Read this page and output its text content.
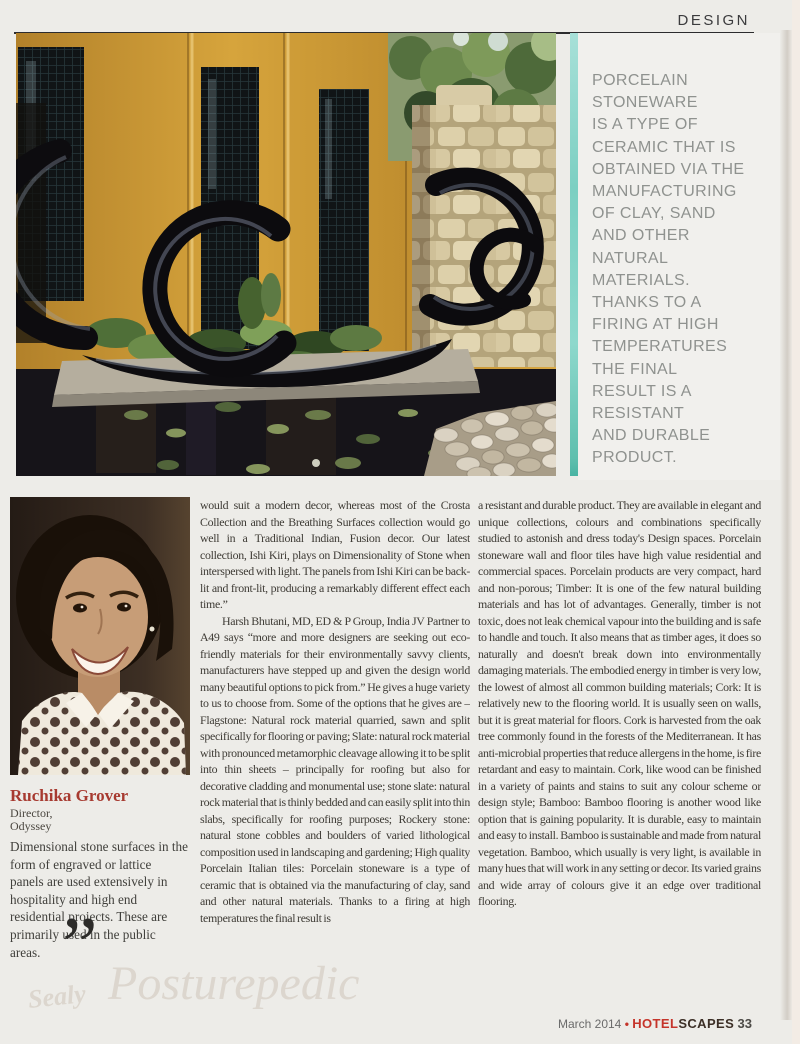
DESIGN
PORCELAIN
STONEWARE
IS A TYPE OF
CERAMIC THAT IS
OBTAINED VIA THE
MANUFACTURING
OF CLAY, SAND
AND OTHER
NATURAL
MATERIALS.
THANKS TO A
FIRING AT HIGH
TEMPERATURES
THE FINAL
RESULT IS A
RESISTANT
AND DURABLE
PRODUCT.
Ruchika Grover
Director,
Odyssey
Dimensional stone surfaces in the form of engraved or lattice panels are used extensively in hospitality and high end residential projects. These are primarily used in the public areas. ”
Sealy Posturepedic

would suit a modern decor, whereas most of the Crosta Collection and the Breathing Surfaces collection would go well in a Traditional Indian, Fusion decor. Our latest collection, Ishi Kiri, plays on Dimensionality of Stone when interspersed with light. The panels from Ishi Kiri can be back-lit and front-lit, producing a remarkably different effect each time.”

Harsh Bhutani, MD, ED & P Group, India JV Partner to A49 says “more and more designers are seeking out eco-friendly materials for their environmentally savvy clients, manufacturers have stepped up and given the design world many beautiful options to pick from.” He gives a huge variety to us to choose from. Some of the options that he gives are – Flagstone: Natural rock material quarried, sawn and split specifically for flooring or paving; Slate: natural rock material with pronounced metamorphic cleavage allowing it to be split into thin sheets – principally for roofing but also for decorative cladding and monumental use; stone slate: natural rock material that is thinly bedded and can easily split into thin slabs, specifically for roofing purposes; Rockery stone: natural stone cobbles and boulders of varied lithological composition used in landscaping and gardening; High quality Porcelain Italian tiles: Porcelain stoneware is a type of ceramic that is obtained via the manufacturing of clay, sand and other natural materials. Thanks to a firing at high temperatures the final result is

a resistant and durable product. They are available in elegant and unique collections, colours and combinations specifically studied to astonish and dress today's Design spaces. Porcelain stoneware wall and floor tiles have high value residential and commercial spaces. Porcelain products are very compact, hard and non-porous; Timber: It is one of the few natural building materials and has lot of advantages. Generally, timber is not toxic, does not leak chemical vapour into the building and is safe to handle and touch. It also means that as timber ages, it does so naturally and doesn't break down into environmentally damaging materials. The embodied energy in timber is very low, the lowest of almost all common building materials; Cork: It is relatively new to the flooring world. It is usually seen on walls, but it is great material for floors. Cork is harvested from the oak tree commonly found in the forests of the Mediterranean. It has anti-microbial properties that reduce allergens in the home, is fire retardant and easy to maintain. Cork, like wood can be finished in a variety of paints and stains to suit any colour scheme or design style; Bamboo: Bamboo flooring is another wood like option that is gaining popularity. It is durable, easy to maintain and easy to install. Bamboo is sustainable and made from natural vegetation. Bamboo, which usually is very light, is available in many hues that will work in any setting or decor. Its varied grains and wide array of colours give it an edge over traditional flooring.

March 2014 • HOTELSCAPES 33
